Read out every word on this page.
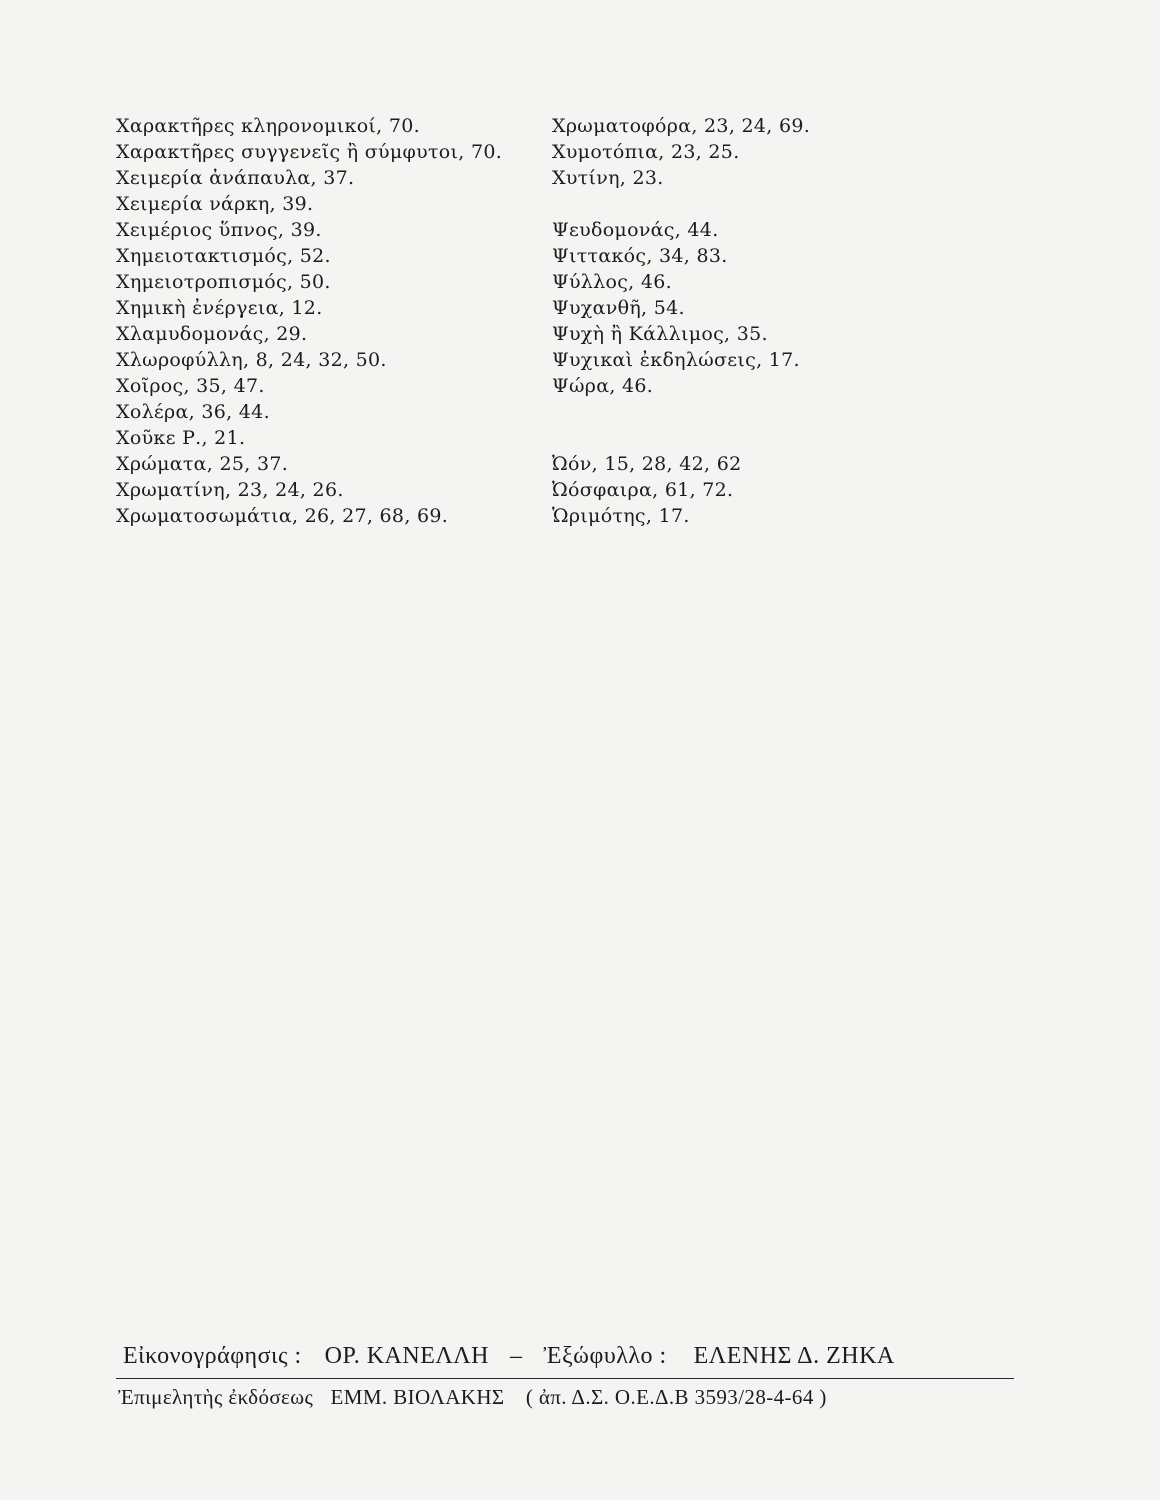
Χαρακτῆρες κληρονομικοί, 70.
Χαρακτῆρες συγγενεῖς ἢ σύμφυτοι, 70.
Χειμερία ἀνάπαυλα, 37.
Χειμερία νάρκη, 39.
Χειμέριος ὕπνος, 39.
Χημειοτακτισμός, 52.
Χημειοτροπισμός, 50.
Χημικὴ ἐνέργεια, 12.
Χλαμυδομονάς, 29.
Χλωροφύλλη, 8, 24, 32, 50.
Χοῖρος, 35, 47.
Χολέρα, 36, 44.
Χοῦκε Ρ., 21.
Χρώματα, 25, 37.
Χρωματίνη, 23, 24, 26.
Χρωματοσωμάτια, 26, 27, 68, 69.
Χρωματοφόρα, 23, 24, 69.
Χυμοτόπια, 23, 25.
Χυτίνη, 23.
Ψευδομονάς, 44.
Ψιττακός, 34, 83.
Ψύλλος, 46.
Ψυχανθῆ, 54.
Ψυχὴ ἢ Κάλλιμος, 35.
Ψυχικαὶ ἐκδηλώσεις, 17.
Ψώρα, 46.
Ὠόν, 15, 28, 42, 62
Ὠόσφαιρα, 61, 72.
Ὡριμότης, 17.
Εἰκονογράφησις : ΟΡ. ΚΑΝΕΛΛΗ – Ἐξώφυλλο : ΕΛΕΝΗΣ Δ. ΖΗΚΑ
Ἐπιμελητὴς ἐκδόσεως ΕΜΜ. ΒΙΟΛΑΚΗΣ ( ἀπ. Δ.Σ. Ο.Ε.Δ.Β 3593/28-4-64 )
